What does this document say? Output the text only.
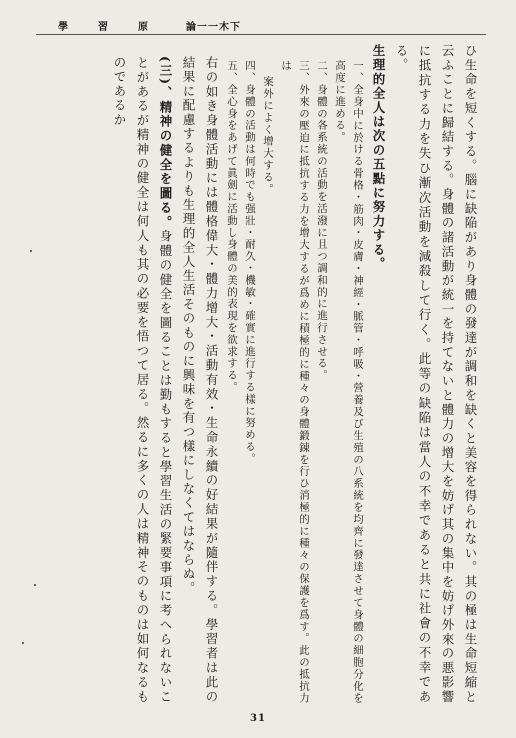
學	習	原	論一一木下

ひ生命を短くする。腦に缺陥があり身體の發達が調和を缺くと美容を得られない。其の極は生命短縮と云ふことに歸結する。身體の諸活動が統一を持てないと體力の增大を妨げ其の集中を妨げ外來の悪影響に抵抗する力を失ひ漸次活動を減殺して行く。此等の缺陥は當人の不幸であると共に社會の不幸である。

生理的全人は次の五點に努力する。

一、全身中に於ける骨格・筋肉・皮膚・神經・脈管・呼吸・營養及び生殖の八系統を均齊に發達させて身體の細胞分化を高度に進める。

二、身體の各系統の活動を活潑に且つ調和的に進行させる。

三、外來の壓迫に抵抗する力を增大するが爲めに積極的に種々の身體鍛錬を行ひ消極的に種々の保護を爲す。此の抵抗力は

案外によく增大する。

四、身體の活動は何時でも强壯・耐久・機敏・確實に進行する樣に努める。

五、全心身をあげて眞劍に活動し身體の美的表現を欲求する。

右の如き身體活動には體格偉大・體力增大・活動有效・生命永續の好結果が隨伴する。學習者は此の結果に配慮するよりも生理的全人生活そのものに興味を有つ樣にしなくてはならぬ。

(三)、精神の健全を圖る。身體の健全を圖ることは勤もすると學習生活の緊要事項に考へられないことがあるが精神の健全は何人も其の必要を悟つて居る。然るに多くの人は精神そのものは如何なるものであるか

31
